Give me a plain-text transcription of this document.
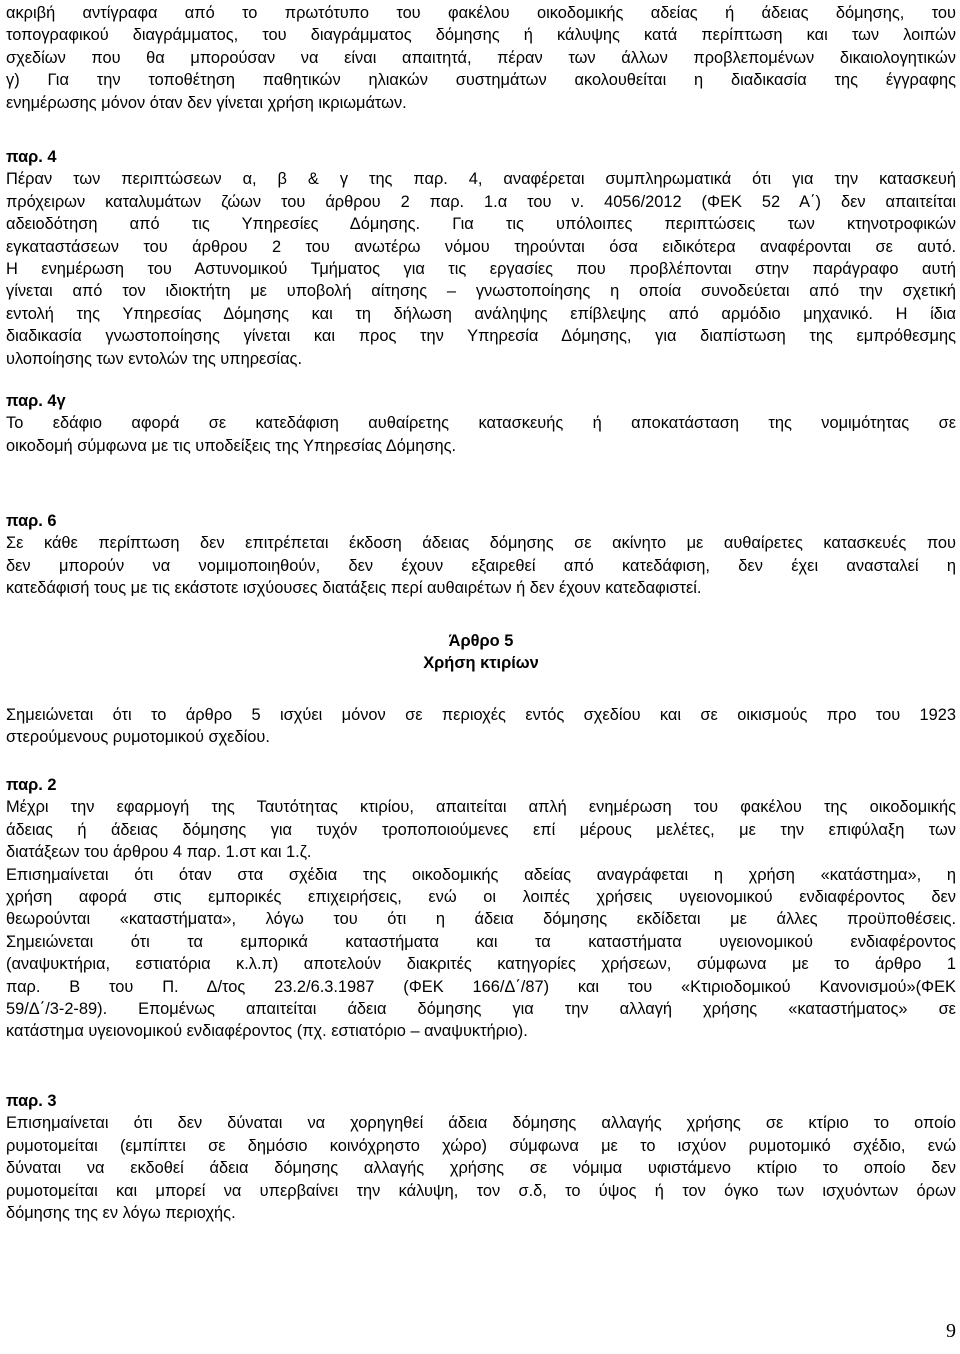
ακριβή αντίγραφα από το πρωτότυπο του φακέλου οικοδομικής αδείας ή άδειας δόμησης, του

τοπογραφικού διαγράμματος, του διαγράμματος δόμησης ή κάλυψης κατά περίπτωση και των λοιπών

σχεδίων που θα μπορούσαν να είναι απαιτητά, πέραν των άλλων προβλεπομένων δικαιολογητικών

γ) Για την τοποθέτηση παθητικών ηλιακών συστημάτων ακολουθείται η διαδικασία της έγγραφης

ενημέρωσης μόνον όταν δεν γίνεται χρήση ικριωμάτων.

παρ. 4

Πέραν των περιπτώσεων α, β & γ της παρ. 4, αναφέρεται συμπληρωματικά ότι για την κατασκευή

πρόχειρων καταλυμάτων ζώων του άρθρου 2 παρ. 1.α του ν. 4056/2012 (ΦΕΚ 52 Α΄) δεν απαιτείται

αδειοδότηση από τις Υπηρεσίες Δόμησης. Για τις υπόλοιπες περιπτώσεις των κτηνοτροφικών

εγκαταστάσεων του άρθρου 2 του ανωτέρω νόμου τηρούνται όσα ειδικότερα αναφέρονται σε αυτό.

Η ενημέρωση του Αστυνομικού Τμήματος για τις εργασίες που προβλέπονται στην παράγραφο αυτή

γίνεται από τον ιδιοκτήτη με υποβολή αίτησης – γνωστοποίησης η οποία συνοδεύεται από την σχετική

εντολή της Υπηρεσίας Δόμησης και τη δήλωση ανάληψης επίβλεψης από αρμόδιο μηχανικό. Η ίδια

διαδικασία γνωστοποίησης γίνεται και προς την Υπηρεσία Δόμησης, για διαπίστωση της εμπρόθεσμης

υλοποίησης των εντολών της υπηρεσίας.

παρ. 4γ

Το εδάφιο αφορά σε κατεδάφιση αυθαίρετης κατασκευής ή αποκατάσταση της νομιμότητας σε

οικοδομή σύμφωνα με τις υποδείξεις της Υπηρεσίας Δόμησης.

παρ. 6

Σε κάθε περίπτωση δεν επιτρέπεται έκδοση άδειας δόμησης σε ακίνητο με αυθαίρετες κατασκευές που

δεν μπορούν να νομιμοποιηθούν, δεν έχουν εξαιρεθεί από κατεδάφιση, δεν έχει ανασταλεί η

κατεδάφισή τους με τις εκάστοτε ισχύουσες διατάξεις περί αυθαιρέτων ή δεν έχουν κατεδαφιστεί.

Άρθρο 5

Χρήση κτιρίων

Σημειώνεται ότι το άρθρο 5 ισχύει μόνον σε περιοχές εντός σχεδίου και σε οικισμούς προ του 1923

στερούμενους ρυμοτομικού σχεδίου.

παρ. 2

Μέχρι την εφαρμογή της Ταυτότητας κτιρίου, απαιτείται απλή ενημέρωση του φακέλου της οικοδομικής

άδειας ή άδειας δόμησης για τυχόν τροποποιούμενες επί μέρους μελέτες, με την επιφύλαξη των

διατάξεων του άρθρου 4 παρ. 1.στ και 1.ζ.

Επισημαίνεται ότι όταν στα σχέδια της οικοδομικής αδείας αναγράφεται η χρήση «κατάστημα», η

χρήση αφορά στις εμπορικές επιχειρήσεις, ενώ οι λοιπές χρήσεις υγειονομικού ενδιαφέροντος δεν

θεωρούνται «καταστήματα», λόγω του ότι η άδεια δόμησης εκδίδεται με άλλες προϋποθέσεις.

Σημειώνεται ότι τα εμπορικά καταστήματα και τα καταστήματα υγειονομικού ενδιαφέροντος

(αναψυκτήρια, εστιατόρια κ.λ.π) αποτελούν διακριτές κατηγορίες χρήσεων, σύμφωνα με το άρθρο 1

παρ. Β του Π. Δ/τος 23.2/6.3.1987 (ΦΕΚ 166/Δ΄/87) και του «Κτιριοδομικού Κανονισμού»(ΦΕΚ

59/Δ΄/3-2-89). Επομένως απαιτείται άδεια δόμησης για την αλλαγή χρήσης «καταστήματος» σε

κατάστημα υγειονομικού ενδιαφέροντος (πχ. εστιατόριο – αναψυκτήριο).

παρ. 3

Επισημαίνεται ότι δεν δύναται να χορηγηθεί άδεια δόμησης αλλαγής χρήσης σε κτίριο το οποίο

ρυμοτομείται (εμπίπτει σε δημόσιο κοινόχρηστο χώρο) σύμφωνα με το ισχύον ρυμοτομικό σχέδιο, ενώ

δύναται να εκδοθεί άδεια δόμησης αλλαγής χρήσης σε νόμιμα υφιστάμενο κτίριο το οποίο δεν

ρυμοτομείται και μπορεί να υπερβαίνει την κάλυψη, τον σ.δ, το ύψος ή τον όγκο των ισχυόντων όρων

δόμησης της εν λόγω περιοχής.

9
